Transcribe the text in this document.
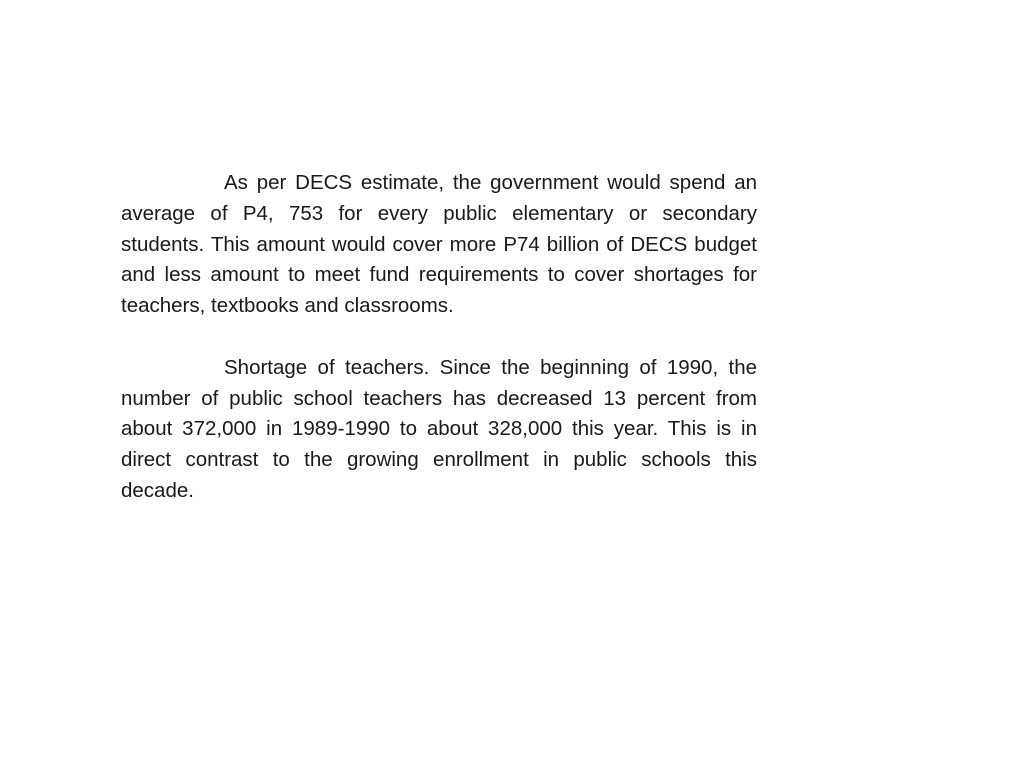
As per DECS estimate, the government would spend an average of P4, 753 for every public elementary or secondary students. This amount would cover more P74 billion of DECS budget and less amount to meet fund requirements to cover shortages for teachers, textbooks and classrooms.

Shortage of teachers. Since the beginning of 1990, the number of public school teachers has decreased 13 percent from about 372,000 in 1989-1990 to about 328,000 this year. This is in direct contrast to the growing enrollment in public schools this decade.
